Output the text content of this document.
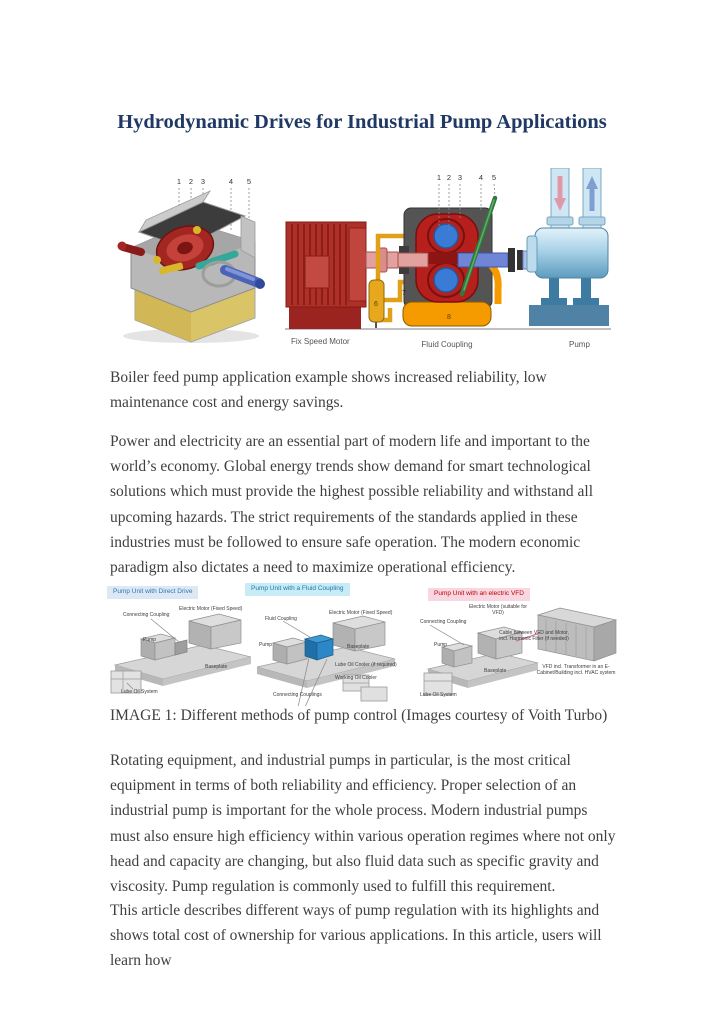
Hydrodynamic Drives for Industrial Pump Applications
1 2 3	4 5
6
8
7
1 2 3 4 5
Fix Speed Motor	Fluid Coupling	Pump

Boiler feed pump application example shows increased reliability, low maintenance cost and energy savings.

Power and electricity are an essential part of modern life and important to the world’s economy. Global energy trends show demand for smart technological solutions which must provide the highest possible reliability and withstand all upcoming hazards. The strict requirements of the standards applied in these industries must be followed to ensure safe operation. The modern economic paradigm also dictates a need to maximize operational efficiency.

Pump Unit with Direct Drive
Connecting Coupling
Electric Motor (Fixed Speed)
Pump
Baseplate
Lube Oil System
Pump Unit with a Fluid Coupling
Fluid Coupling
Electric Motor (Fixed Speed)
Pump	Baseplate
Lube Oil Cooler (if required)
Working Oil Cooler
Connecting Couplings
Pump Unit with an electric VFD
Connecting Coupling
Electric Motor (suitable for VFD)
Pump
Cable between VFD and Motor, incl. Harmonic Filter (if needed)
VFD incl. Transformer in an E-Cabinet/Building incl. HVAC system
Baseplate
Lube Oil System

IMAGE 1: Different methods of pump control (Images courtesy of Voith Turbo)

Rotating equipment, and industrial pumps in particular, is the most critical equipment in terms of both reliability and efficiency. Proper selection of an industrial pump is important for the whole process. Modern industrial pumps must also ensure high efficiency within various operation regimes where not only head and capacity are changing, but also fluid data such as specific gravity and viscosity. Pump regulation is commonly used to fulfill this requirement.

This article describes different ways of pump regulation with its highlights and shows total cost of ownership for various applications. In this article, users will learn how
